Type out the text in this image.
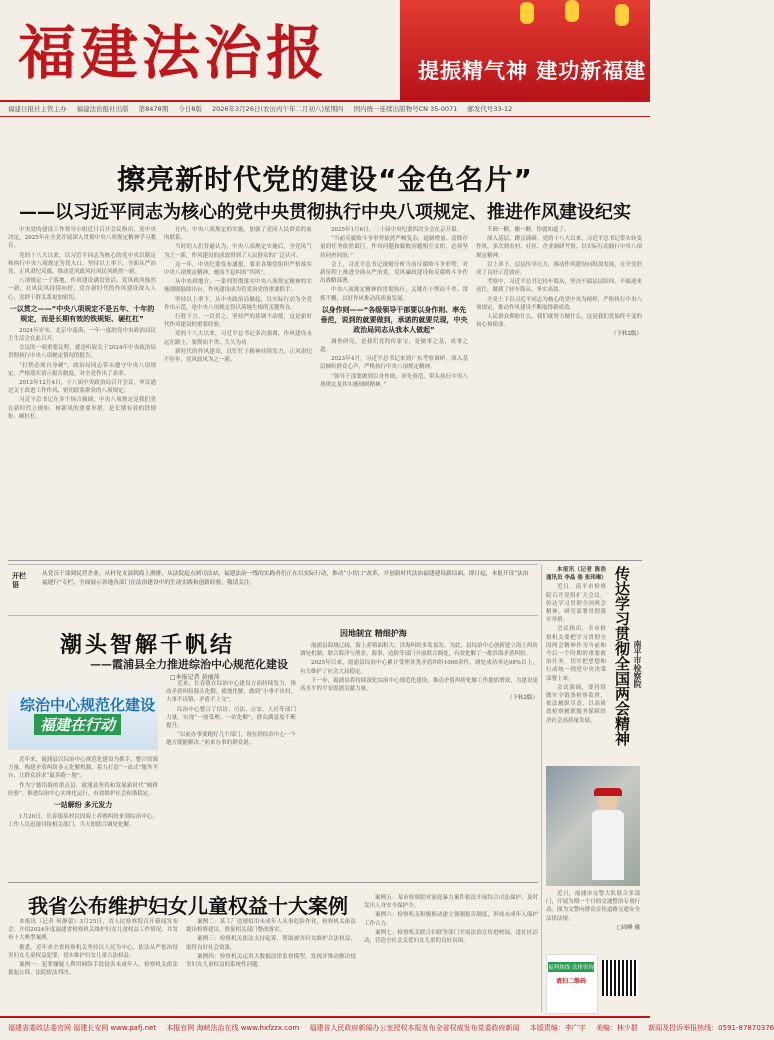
福建法治报	提振精气神 建功新福建
福建日报社主管主办 福建法治报社出版 第8478期 今日8版 2026年3月26日(农历丙午年二月初八)星期四 国内统一连续出版物号CN 35-0071 邮发代号33-12
擦亮新时代党的建设“金色名片”
——以习近平同志为核心的党中央贯彻执行中央八项规定、推进作风建设纪实

中央党的建设工作领导小组近日召开会议指出，党中央决定，2025年在全党开展深入贯彻中央八项规定精神学习教育。

党的十八大以来，以习近平同志为核心的党中央以制定和执行中央八项规定为切入口，坚持以上率下，全面从严治党，正风肃纪反腐，推动党风政风社风民风焕然一新。

八项规定一子落地，作风建设满盘皆活。党风政风焕然一新，社风民风持续向好，党在新时代的作风建设深入人心，党群干群关系更加密切。

一以贯之——“中央八项规定不是五年、十年的规定，而是长期有效的铁规矩、硬杠杠”

2024年岁末，北京中南海，一年一度的党中央政治局民主生活会在此召开。

会议的一项重要议程，就是听取关于2024年中央政治局贯彻执行中央八项规定情况的报告。

“打铁必须自身硬”，政治局同志带头遵守中央八项规定，严格落实请示报告制度，对全党作出了表率。

2012年12月4日，十八届中央政治局召开会议，审议通过关于改进工作作风、密切联系群众的八项规定。

习近平总书记在多个场合强调，中央八项规定是我们党在新时代立规矩、树新风的重要举措，是长期有效的铁规矩、硬杠杠。

在内，中央八项规定的实施，加强了党同人民群众的血肉联系。

当时的人们普遍认为，中央八项规定实施后，全党风气为之一新，作风建设的成效得到了人民群众的广泛认可。

这一年，中央纪委发布通报，要求各级党组织严格落实中央八项规定精神，驰而不息纠治“四风”。

从中央到地方，一系列贯彻落实中央八项规定精神的实施细则陆续出台，作风建设成为管党治党的重要抓手。

坚持以上率下，从中央政治局做起，以实际行动为全党作出示范，是中央八项规定得以落地生根的关键所在。

行胜于言。一以贯之，坚持严的基调不动摇，这是新时代作风建设的重要经验。

党的十八大以来，习近平总书记多次强调，作风建设永远在路上，要锲而不舍、久久为功。

新时代的作风建设，以钉钉子精神持续发力，正风肃纪不停步，党风政风为之一新。

2025年1月6日，二十届中央纪委四次全会在京开幕。

“当前反腐败斗争形势依然严峻复杂，遏制增量、清除存量的任务依然艰巨。作风问题和腐败问题相互交织，必须坚持同查同治。”

会上，习近平总书记深刻分析当前反腐败斗争形势，对新征程上推进全面从严治党、党风廉政建设和反腐败斗争作出战略部署。

中央八项规定精神的贯彻执行，关键在于锲而不舍、常抓不懈，以好作风推动高质量发展。

以身作则——“各级领导干部要以身作则、率先垂范，说到的就要做到，承诺的就要兑现，中央政治局同志从我本人做起”

调查研究，是我们党的传家宝，是做事之基、成事之道。

2023年4月，习近平总书记来到广东考察调研，深入基层倾听群众心声，严格执行中央八项规定精神。

“领导干部要做到以身作则、率先垂范，带头执行中央八项规定及其实施细则精神。”

不卸一颗、搬一颗，你就知道了。

深入基层，蹲点调研。党的十八大以来，习近平总书记带头转变作风，多次到农村、社区、企业调研考察，以实际行动践行中央八项规定精神。

以上率下，层层传导压力，推动作风建设向纵深发展，在全党形成了良好示范效应。

考察中，习近平总书记轻车简从，坚决不搞层层陪同，不搞迎来送往，做到了轻车简从、务实高效。

全党上下以习近平同志为核心的党中央为榜样，严格执行中央八项规定，推动作风建设不断取得新成效。

人民群众期盼什么，我们就努力做什么，这是我们党始终不变的初心和使命。

（下转2版）
开栏语
从党员干部到民营企业，从村党支部到海上渔排，从法院起点到司法站，福建法治一线的实践者们正在以实际行动，推动“小切口”改革，开创新时代法治福建建设新局面。即日起，本报开设“法治福建行”专栏，全面展示各地各部门在法治建设中的生动实践和创新经验，敬请关注。
潮头智解千帆结
——霞浦县全力推进综治中心规范化建设
□本报记者 黄丽萍
综治中心规范化建设
福建在行动

近年来，霞浦县以综治中心规范化建设为抓手，整合资源力量，构建矛盾纠纷多元化解机制，着力打造“一站式”服务平台，让群众诉求“最多跑一地”。

作为宁德沿海的重点县，霞浦县坚持和发展新时代“枫桥经验”，推进综治中心实体化运行，有效维护社会和谐稳定。

一站解纷 多元发力

1月20日，长春镇某村民因海上养殖纠纷来到综治中心，工作人员迅速对接相关部门，当天即联合调处化解。

近来，长春镇在综治中心建设方面持续发力，推动矛盾纠纷源头化解、就地化解，做到“小事不出村、大事不出镇、矛盾不上交”。

综治中心整合了信访、司法、公安、人社等部门力量，实现“一窗受理、一站化解”，群众满意度不断提升。

“以前办事要跑好几个部门，现在到综治中心一个地方就能解决。”前来办事的群众说。

因地制宜 精细护海

霞浦县海域辽阔，海上养殖面积大，涉海纠纷多发易发。为此，县综治中心创新建立海上纠纷调处机制，联合海洋与渔业、海事、边防等部门开展联合调处，有效化解了一批涉海矛盾纠纷。

2025年以来，霞浦县综治中心累计受理各类矛盾纠纷1000余件，调处成功率达98%以上，有力维护了社会大局稳定。

下一步，霞浦县将持续深化综治中心规范化建设，推动矛盾纠纷化解工作提质增效，为建设更高水平的平安霞浦贡献力量。

（下转2版）
我省公布维护妇女儿童权益十大案例

本报讯（记者 何静蕾）3月25日，省人民检察院召开新闻发布会，介绍2024年度福建省检察机关维护妇女儿童权益工作情况，并发布十大典型案例。

据悉，近年来全省检察机关坚持以人民为中心，依法从严惩治侵害妇女儿童权益犯罪，切实维护妇女儿童合法权益。

案例一：犯罪嫌疑人利用网络手段侵害未成年人，检察机关依法提起公诉，法院依法判决。

案例二：某工厂违规招用未成年人从事危险作业，检察机关依法提出检察建议，督促相关部门整改落实。

案例三：检察机关依法支持起诉，帮助被害妇女维护合法权益，取得良好社会效果。

案例四：检察机关运用大数据法律监督模型，发现并推动解决侵害妇女儿童权益的系统性问题。

案例五：某市检察院对家庭暴力案件依法开展综合司法保护，及时发出人身安全保护令。

案例六：检察机关积极推动建立强制报告制度，形成未成年人保护工作合力。

案例七：检察机关联合妇联等部门开展法治宣传进校园、进社区活动，营造全社会关爱妇女儿童的良好氛围。

本报讯（记者 陈浩 通讯员 李晶 骆 张玮琳）

近日，南平市检察院召开党组扩大会议，传达学习贯彻全国两会精神，研究部署贯彻落实举措。

会议指出，全市检察机关要把学习贯彻全国两会精神作为当前和今后一个时期的重要政治任务，切实把思想和行动统一到党中央决策部署上来。

会议强调，要持续做实全链条检察监督，依法履职尽责，以高质效检察履职服务保障经济社会高质量发展。	传达学习贯彻全国两会精神 南平市检察院

近日，霞浦市交警大队联合多部门，开展为期一个月的交通整治专项行动。图为交警向群众宣传道路交通安全法律法规。

□周峰 摄
福利热线 法律咨询
请扫二维码
福建省委政法委官网 福建长安网 www.pafj.net 本报官网 海峡法治在线 www.hxfzzx.com 福建省人民政府新闻办公室授权本报发布全省权威发布党委政府新闻 本版责编：李广宇 美编：林少群 新闻及投诉举报热线：0591-87870376
